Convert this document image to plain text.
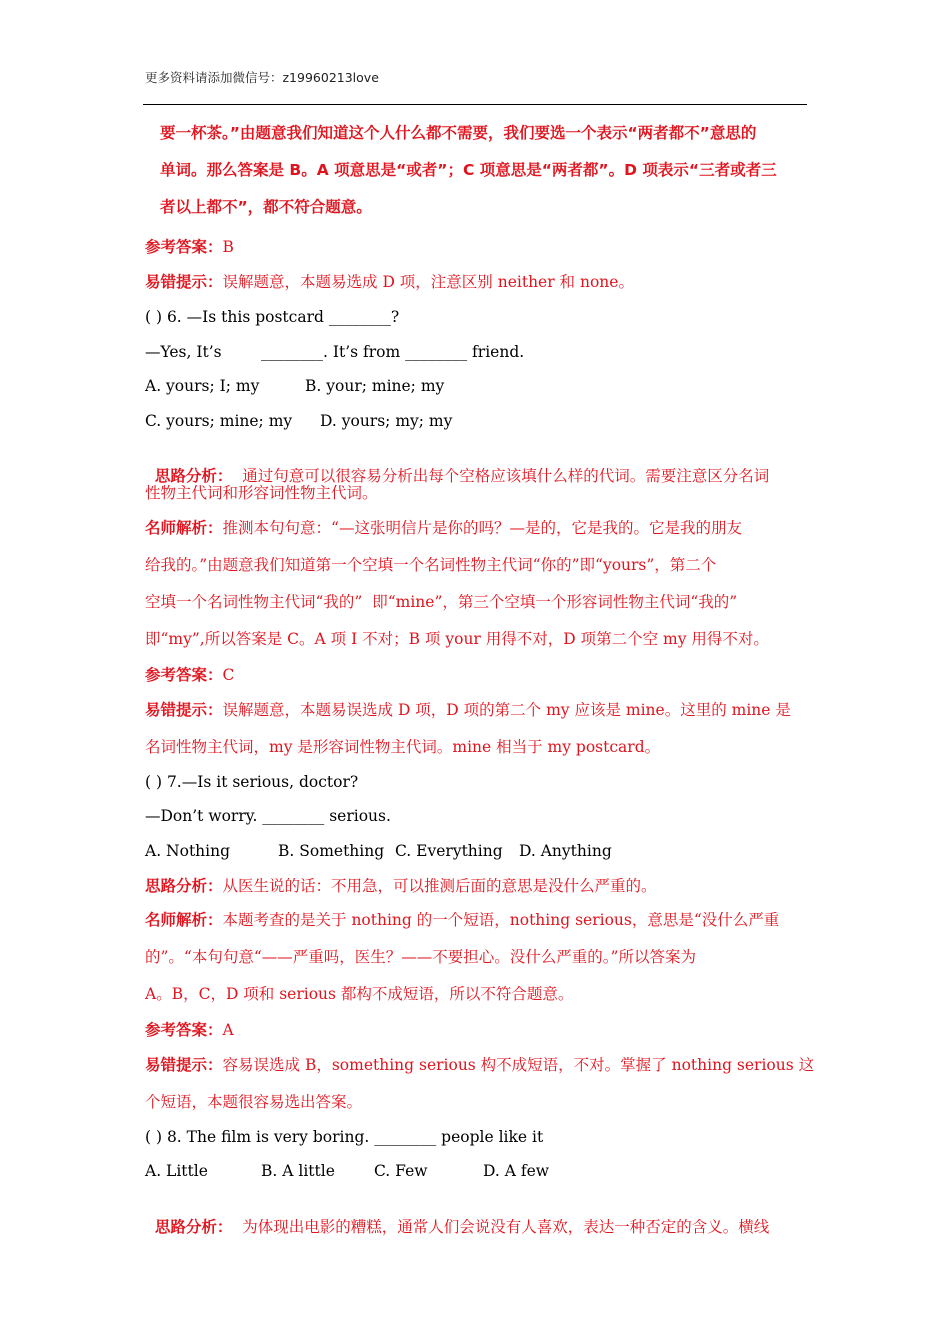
更多资料请添加微信号：z19960213love
要一杯茶。”由题意我们知道这个人什么都不需要，我们要选一个表示“两者都不”意思的
单词。那么答案是 B。A 项意思是“或者”；C 项意思是“两者都”。D 项表示“三者或者三
者以上都不”，都不符合题意。
参考答案：B
易错提示：误解题意，本题易选成 D 项，注意区别 neither 和 none。
( ) 6. —Is this postcard ________?
—Yes, It’s        ________. It’s from ________ friend.
A. yours; I; my	B. your; mine; my
C. yours; mine; my D. yours; my; my

思路分析：  通过句意可以很容易分析出每个空格应该填什么样的代词。需要注意区分名词

性物主代词和形容词性物主代词。
名师解析：推测本句句意：“—这张明信片是你的吗？—是的，它是我的。它是我的朋友
给我的。”由题意我们知道第一个空填一个名词性物主代词“你的”即“yours”，第二个
空填一个名词性物主代词“我的”  即“mine”，第三个空填一个形容词性物主代词“我的”
即“my”,所以答案是 C。A 项 I 不对；B 项 your 用得不对，D 项第二个空 my 用得不对。
参考答案：C
易错提示：误解题意，本题易误选成 D 项，D 项的第二个 my 应该是 mine。这里的 mine 是
名词性物主代词，my 是形容词性物主代词。mine 相当于 my postcard。
( ) 7.—Is it serious, doctor?
—Don’t worry. ________ serious.
A. Nothing	B. Something C. Everything D. Anything
思路分析：从医生说的话：不用急，可以推测后面的意思是没什么严重的。
名师解析：本题考查的是关于 nothing 的一个短语，nothing serious，意思是“没什么严重
的”。“本句句意“——严重吗，医生？——不要担心。没什么严重的。”所以答案为
A。B，C，D 项和 serious 都构不成短语，所以不符合题意。
参考答案：A
易错提示：容易误选成 B，something serious 构不成短语，不对。掌握了 nothing serious 这
个短语，本题很容易选出答案。
( ) 8. The film is very boring. ________ people like it
A. Little	B. A little	C. Few	D. A few

思路分析：  为体现出电影的糟糕，通常人们会说没有人喜欢，表达一种否定的含义。横线
